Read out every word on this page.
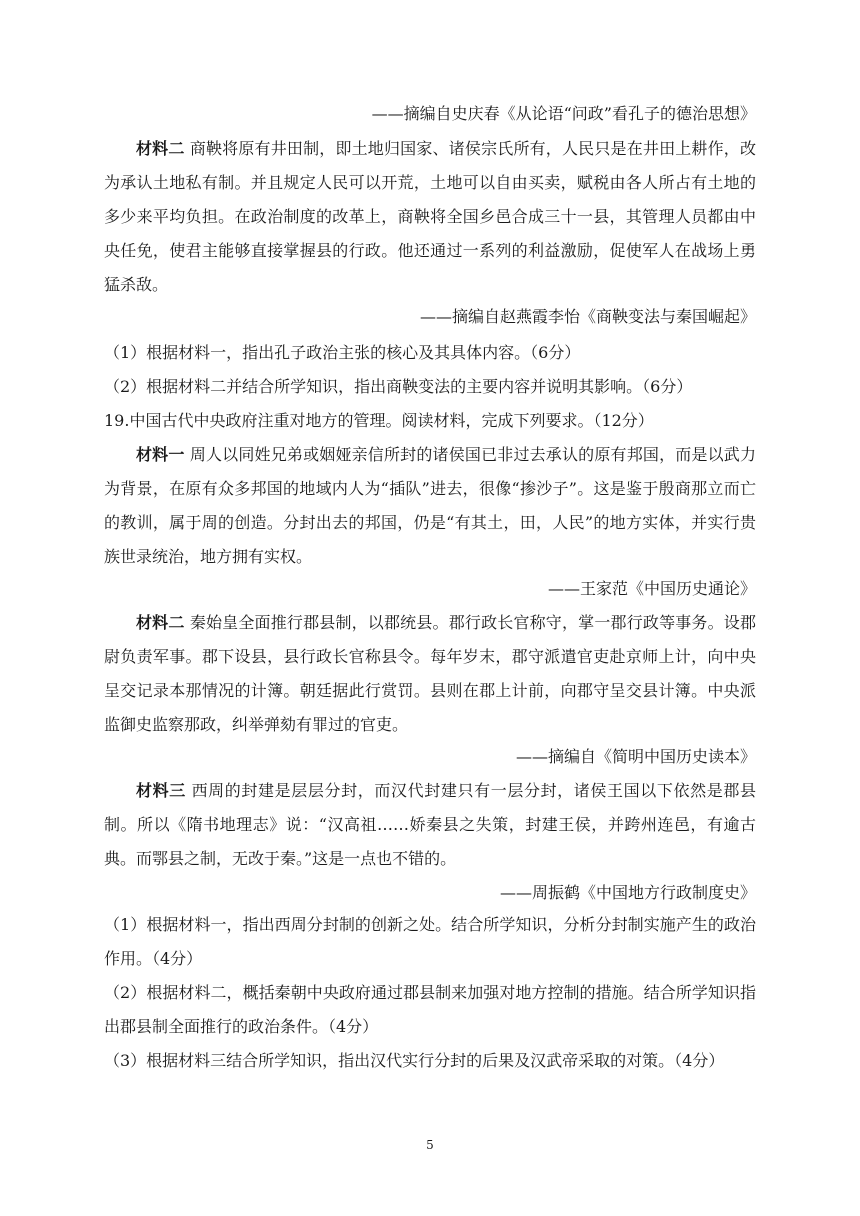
——摘编自史庆春《从论语“问政”看孔子的德治思想》

材料二 商鞅将原有井田制，即土地归国家、诸侯宗氏所有，人民只是在井田上耕作，改为承认土地私有制。并且规定人民可以开荒，土地可以自由买卖，赋税由各人所占有土地的多少来平均负担。在政治制度的改革上，商鞅将全国乡邑合成三十一县，其管理人员都由中央任免，使君主能够直接掌握县的行政。他还通过一系列的利益激励，促使军人在战场上勇猛杀敌。

——摘编自赵燕霞李怡《商鞅变法与秦国崛起》

（1）根据材料一，指出孔子政治主张的核心及其具体内容。（6分）

（2）根据材料二并结合所学知识，指出商鞅变法的主要内容并说明其影响。（6分）

19.中国古代中央政府注重对地方的管理。阅读材料，完成下列要求。（12分）

材料一 周人以同姓兄弟或姻娅亲信所封的诸侯国已非过去承认的原有邦国，而是以武力为背景，在原有众多邦国的地域内人为“插队”进去，很像“掺沙子”。这是鉴于殷商那立而亡的教训，属于周的创造。分封出去的邦国，仍是“有其土，田，人民”的地方实体，并实行贵族世录统治，地方拥有实权。

——王家范《中国历史通论》

材料二 秦始皇全面推行郡县制，以郡统县。郡行政长官称守，掌一郡行政等事务。设郡尉负责军事。郡下设县，县行政长官称县令。每年岁末，郡守派遣官吏赴京师上计，向中央呈交记录本那情况的计簿。朝廷据此行赏罚。县则在郡上计前，向郡守呈交县计簿。中央派监御史监察那政，纠举弹劾有罪过的官吏。

——摘编自《简明中国历史读本》

材料三 西周的封建是层层分封，而汉代封建只有一层分封，诸侯王国以下依然是郡县制。所以《隋书地理志》说：“汉高祖……娇秦县之失策，封建王侯，并跨州连邑，有逾古典。而鄂县之制，无改于秦。”这是一点也不错的。

——周振鹤《中国地方行政制度史》

（1）根据材料一，指出西周分封制的创新之处。结合所学知识，分析分封制实施产生的政治作用。（4分）

（2）根据材料二，概括秦朝中央政府通过郡县制来加强对地方控制的措施。结合所学知识指出郡县制全面推行的政治条件。（4分）

（3）根据材料三结合所学知识，指出汉代实行分封的后果及汉武帝采取的对策。（4分）

5
